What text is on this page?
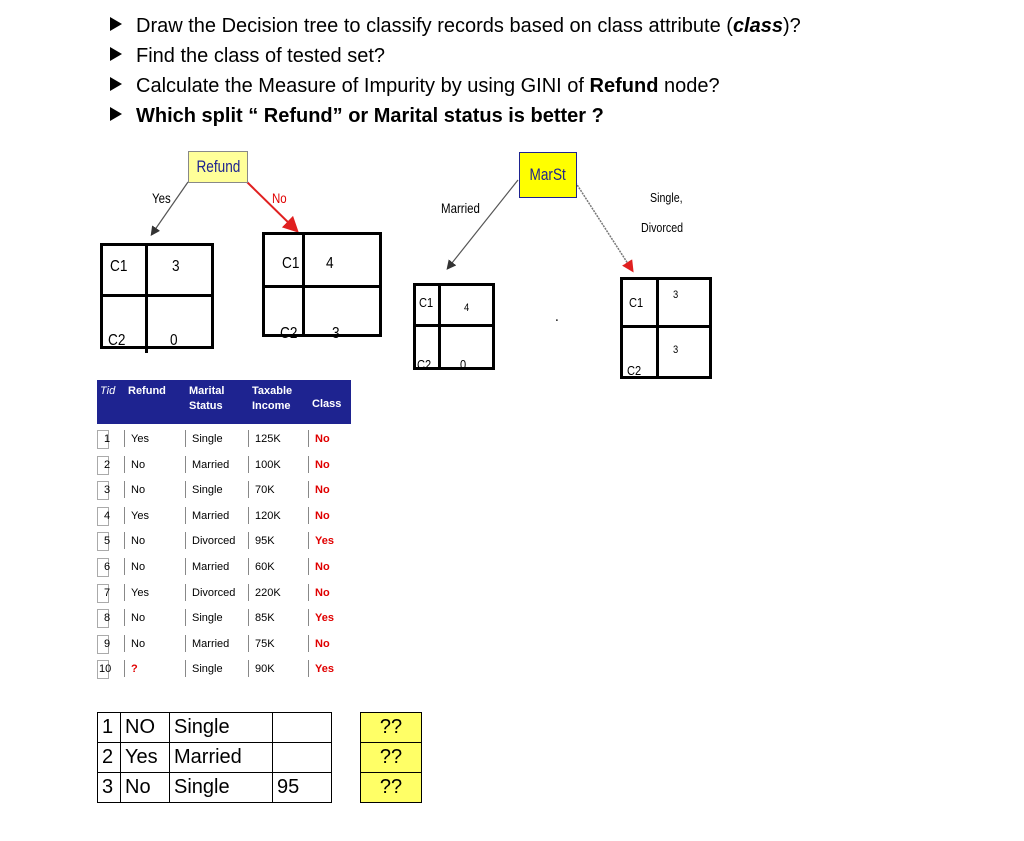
Draw the Decision tree to classify records based on class attribute (class)?
Find the class of tested set?
Calculate the Measure of Impurity by using GINI of Refund node?
Which split “ Refund” or Marital status is better ?
Refund
Yes	No
C1	3
C2	0
C1 4
C2 3
MarSt
Married
Single,
Divorced
C1	4
C2 0
.
C1	3
C2
3
Tid Refund Marital
Status
Taxable
Income Class
1 Yes	Single	125K	No
2 No	Married 100K	No
3 No	Single	70K	No
4 Yes	Married 120K	No
5 No	Divorced 95K	Yes
6 No	Married 60K	No
7 Yes	Divorced 220K	No
8 No	Single	85K	Yes
9 No	Married 75K	No
10 ?	Single	90K	Yes
1	NO	Single			??
2	Yes	Married			??
3	No	Single	95		??
